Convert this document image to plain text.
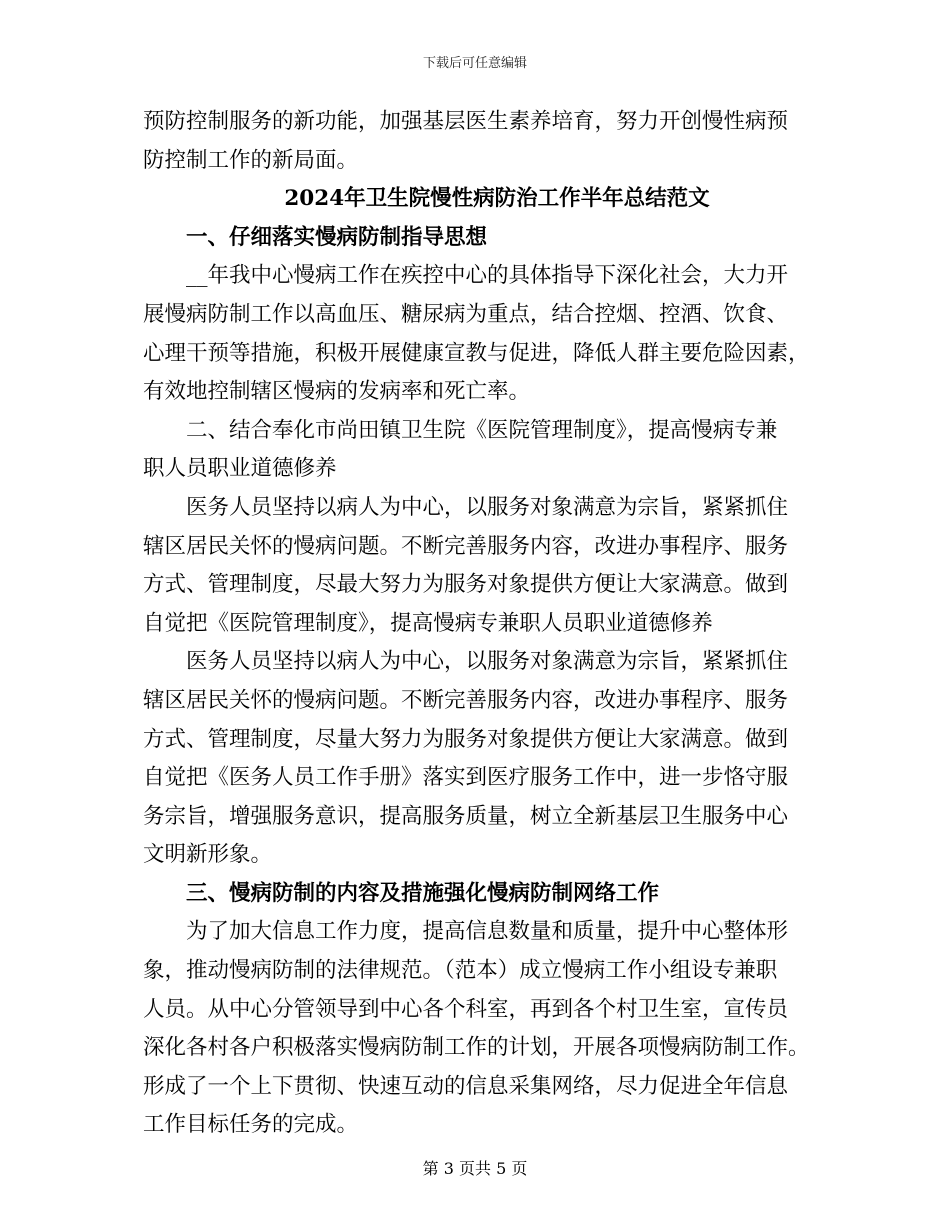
下载后可任意编辑
预防控制服务的新功能，加强基层医生素养培育，努力开创慢性病预
防控制工作的新局面。
2024年卫生院慢性病防治工作半年总结范文
一、仔细落实慢病防制指导思想
__年我中心慢病工作在疾控中心的具体指导下深化社会，大力开
展慢病防制工作以高血压、糖尿病为重点，结合控烟、控酒、饮食、
心理干预等措施，积极开展健康宣教与促进，降低人群主要危险因素，
有效地控制辖区慢病的发病率和死亡率。
二、结合奉化市尚田镇卫生院《医院管理制度》，提高慢病专兼
职人员职业道德修养
医务人员坚持以病人为中心，以服务对象满意为宗旨，紧紧抓住
辖区居民关怀的慢病问题。不断完善服务内容，改进办事程序、服务
方式、管理制度，尽最大努力为服务对象提供方便让大家满意。做到
自觉把《医院管理制度》，提高慢病专兼职人员职业道德修养
医务人员坚持以病人为中心，以服务对象满意为宗旨，紧紧抓住
辖区居民关怀的慢病问题。不断完善服务内容，改进办事程序、服务
方式、管理制度，尽量大努力为服务对象提供方便让大家满意。做到
自觉把《医务人员工作手册》落实到医疗服务工作中，进一步恪守服
务宗旨，增强服务意识，提高服务质量，树立全新基层卫生服务中心
文明新形象。
三、慢病防制的内容及措施强化慢病防制网络工作
为了加大信息工作力度，提高信息数量和质量，提升中心整体形
象，推动慢病防制的法律规范。（范本）成立慢病工作小组设专兼职
人员。从中心分管领导到中心各个科室，再到各个村卫生室，宣传员
深化各村各户积极落实慢病防制工作的计划，开展各项慢病防制工作。
形成了一个上下贯彻、快速互动的信息采集网络，尽力促进全年信息
工作目标任务的完成。
第 3 页共 5 页
